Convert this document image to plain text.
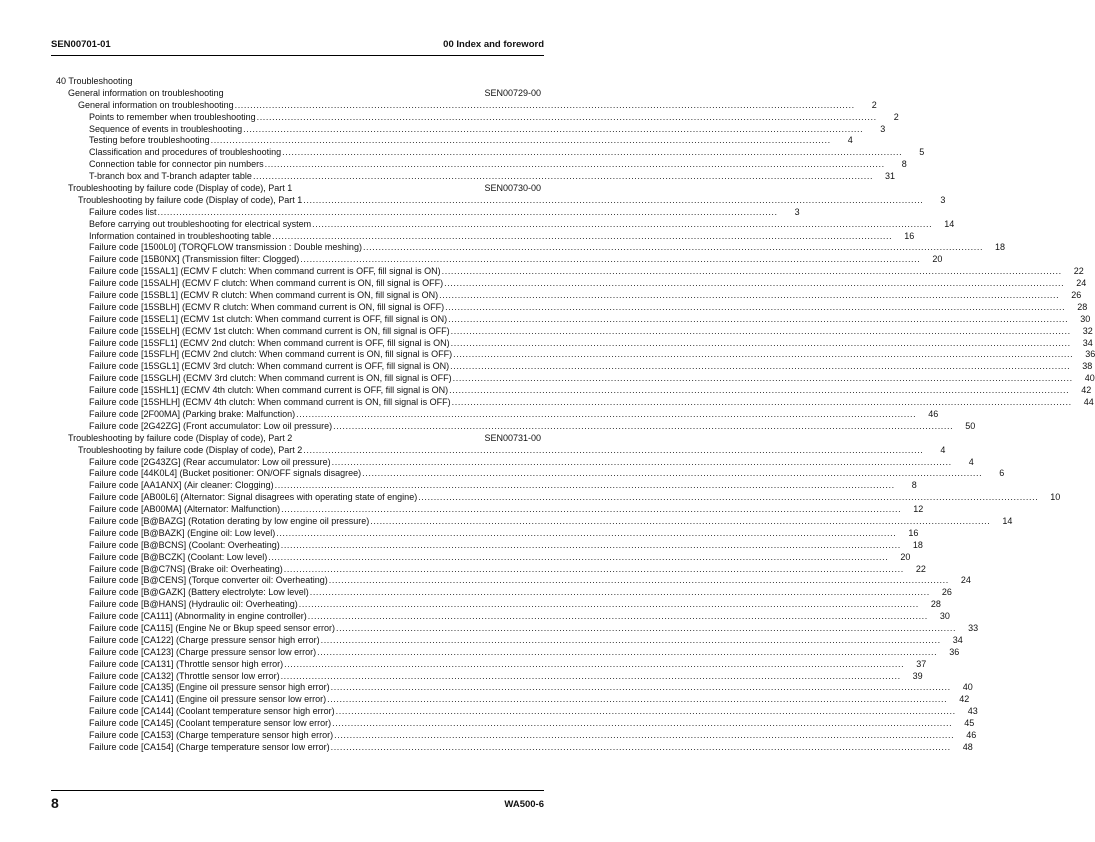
SEN00701-01	00 Index and foreword
40 Troubleshooting
General information on troubleshooting	SEN00729-00
General information on troubleshooting ........................................................................................................................................................................................................	2
Points to remember when troubleshooting ........................................................................................................................................................................................................	2
Sequence of events in troubleshooting ........................................................................................................................................................................................................	3
Testing before troubleshooting ........................................................................................................................................................................................................	4
Classification and procedures of troubleshooting ........................................................................................................................................................................................................	5
Connection table for connector pin numbers ........................................................................................................................................................................................................	8
T-branch box and T-branch adapter table ........................................................................................................................................................................................................	31
Troubleshooting by failure code (Display of code), Part 1	SEN00730-00
Troubleshooting by failure code (Display of code), Part 1 ........................................................................................................................................................................................................	3
Failure codes list ........................................................................................................................................................................................................	3
Before carrying out troubleshooting for electrical system ........................................................................................................................................................................................................	14
Information contained in troubleshooting table ........................................................................................................................................................................................................	16
Failure code [1500L0] (TORQFLOW transmission : Double meshing) ........................................................................................................................................................................................................	18
Failure code [15B0NX] (Transmission filter: Clogged) ........................................................................................................................................................................................................	20
Failure code [15SAL1] (ECMV F clutch: When command current is OFF, fill signal is ON) ........................................................................................................................................................................................................	22
Failure code [15SALH] (ECMV F clutch: When command current is ON, fill signal is OFF) ........................................................................................................................................................................................................	24
Failure code [15SBL1] (ECMV R clutch: When command current is ON, fill signal is ON) ........................................................................................................................................................................................................	26
Failure code [15SBLH] (ECMV R clutch: When command current is ON, fill signal is OFF) ........................................................................................................................................................................................................	28
Failure code [15SEL1] (ECMV 1st clutch: When command current is OFF, fill signal is ON) ........................................................................................................................................................................................................	30
Failure code [15SELH] (ECMV 1st clutch: When command current is ON, fill signal is OFF) ........................................................................................................................................................................................................	32
Failure code [15SFL1] (ECMV 2nd clutch: When command current is OFF, fill signal is ON) ........................................................................................................................................................................................................	34
Failure code [15SFLH] (ECMV 2nd clutch: When command current is ON, fill signal is OFF) ........................................................................................................................................................................................................	36
Failure code [15SGL1] (ECMV 3rd clutch: When command current is OFF, fill signal is ON) ........................................................................................................................................................................................................	38
Failure code [15SGLH] (ECMV 3rd clutch: When command current is ON, fill signal is OFF) ........................................................................................................................................................................................................	40
Failure code [15SHL1] (ECMV 4th clutch: When command current is OFF, fill signal is ON) ........................................................................................................................................................................................................	42
Failure code [15SHLH] (ECMV 4th clutch: When command current is ON, fill signal is OFF) ........................................................................................................................................................................................................	44
Failure code [2F00MA] (Parking brake: Malfunction) ........................................................................................................................................................................................................	46
Failure code [2G42ZG] (Front accumulator: Low oil pressure) ........................................................................................................................................................................................................	50
Troubleshooting by failure code (Display of code), Part 2	SEN00731-00
Troubleshooting by failure code (Display of code), Part 2 ........................................................................................................................................................................................................	4
Failure code [2G43ZG] (Rear accumulator: Low oil pressure) ........................................................................................................................................................................................................	4
Failure code [44K0L4] (Bucket positioner: ON/OFF signals disagree) ........................................................................................................................................................................................................	6
Failure code [AA1ANX] (Air cleaner: Clogging) ........................................................................................................................................................................................................	8
Failure code [AB00L6] (Alternator: Signal disagrees with operating state of engine) ........................................................................................................................................................................................................	10
Failure code [AB00MA] (Alternator: Malfunction) ........................................................................................................................................................................................................	12
Failure code [B@BAZG] (Rotation derating by low engine oil pressure) ........................................................................................................................................................................................................	14
Failure code [B@BAZK] (Engine oil: Low level) ........................................................................................................................................................................................................	16
Failure code [B@BCNS] (Coolant: Overheating) ........................................................................................................................................................................................................	18
Failure code [B@BCZK] (Coolant: Low level) ........................................................................................................................................................................................................	20
Failure code [B@C7NS] (Brake oil: Overheating) ........................................................................................................................................................................................................	22
Failure code [B@CENS] (Torque converter oil: Overheating) ........................................................................................................................................................................................................	24
Failure code [B@GAZK] (Battery electrolyte: Low level) ........................................................................................................................................................................................................	26
Failure code [B@HANS] (Hydraulic oil: Overheating) ........................................................................................................................................................................................................	28
Failure code [CA111] (Abnormality in engine controller) ........................................................................................................................................................................................................	30
Failure code [CA115] (Engine Ne or Bkup speed sensor error) ........................................................................................................................................................................................................	33
Failure code [CA122] (Charge pressure sensor high error) ........................................................................................................................................................................................................	34
Failure code [CA123] (Charge pressure sensor low error) ........................................................................................................................................................................................................	36
Failure code [CA131] (Throttle sensor high error) ........................................................................................................................................................................................................	37
Failure code [CA132] (Throttle sensor low error) ........................................................................................................................................................................................................	39
Failure code [CA135] (Engine oil pressure sensor high error) ........................................................................................................................................................................................................	40
Failure code [CA141] (Engine oil pressure sensor low error) ........................................................................................................................................................................................................	42
Failure code [CA144] (Coolant temperature sensor high error) ........................................................................................................................................................................................................	43
Failure code [CA145] (Coolant temperature sensor low error) ........................................................................................................................................................................................................	45
Failure code [CA153] (Charge temperature sensor high error) ........................................................................................................................................................................................................	46
Failure code [CA154] (Charge temperature sensor low error) ........................................................................................................................................................................................................	48
8	WA500-6
